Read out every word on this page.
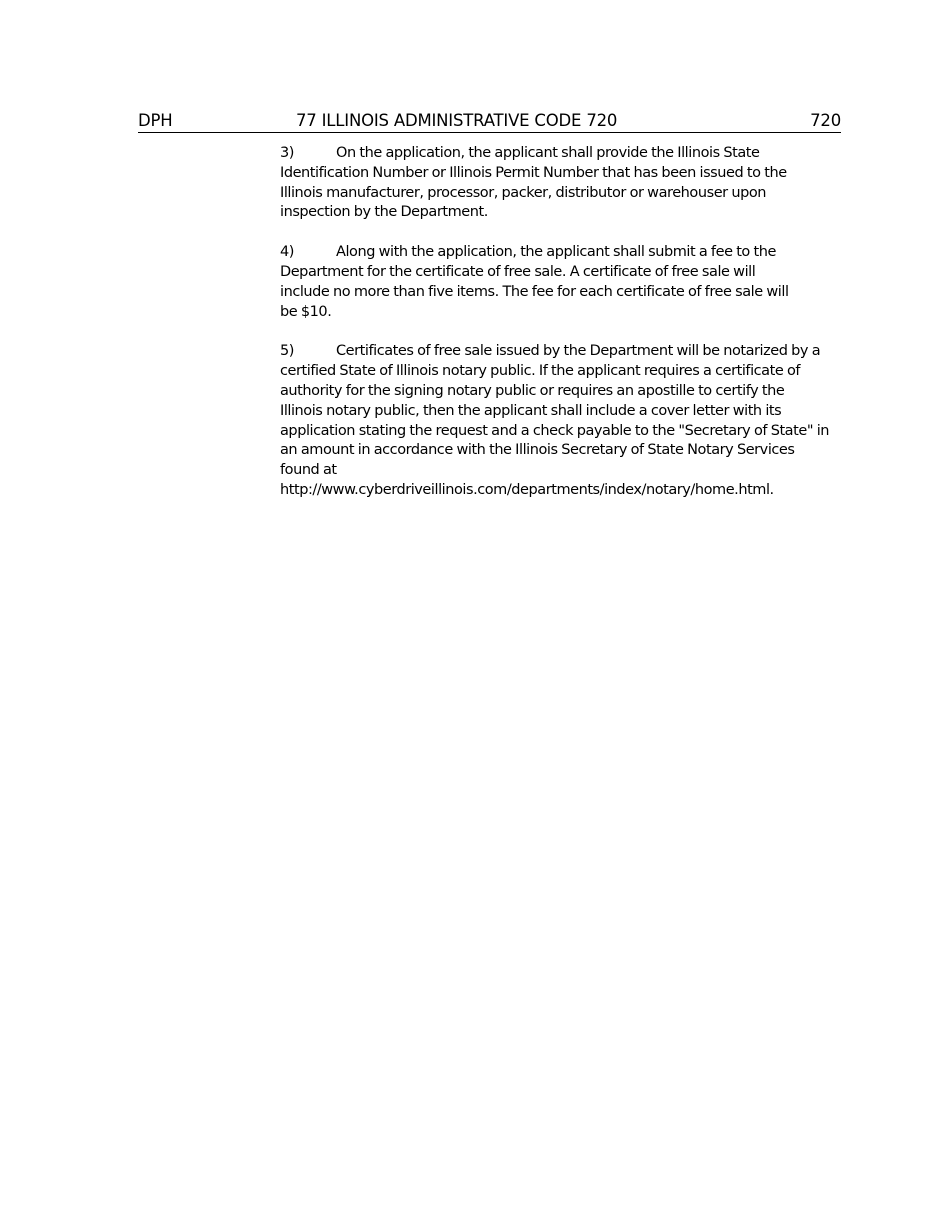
DPH	77 ILLINOIS ADMINISTRATIVE CODE 720	720
3)	On the application, the applicant shall provide the Illinois State
Identification Number or Illinois Permit Number that has been issued to the
Illinois manufacturer, processor, packer, distributor or warehouser upon
inspection by the Department.
4)	Along with the application, the applicant shall submit a fee to the
Department for the certificate of free sale. A certificate of free sale will
include no more than five items. The fee for each certificate of free sale will
be $10.
5)	Certificates of free sale issued by the Department will be notarized by a
certified State of Illinois notary public. If the applicant requires a certificate of
authority for the signing notary public or requires an apostille to certify the
Illinois notary public, then the applicant shall include a cover letter with its
application stating the request and a check payable to the "Secretary of State" in
an amount in accordance with the Illinois Secretary of State Notary Services
found at
http://www.cyberdriveillinois.com/departments/index/notary/home.html.
